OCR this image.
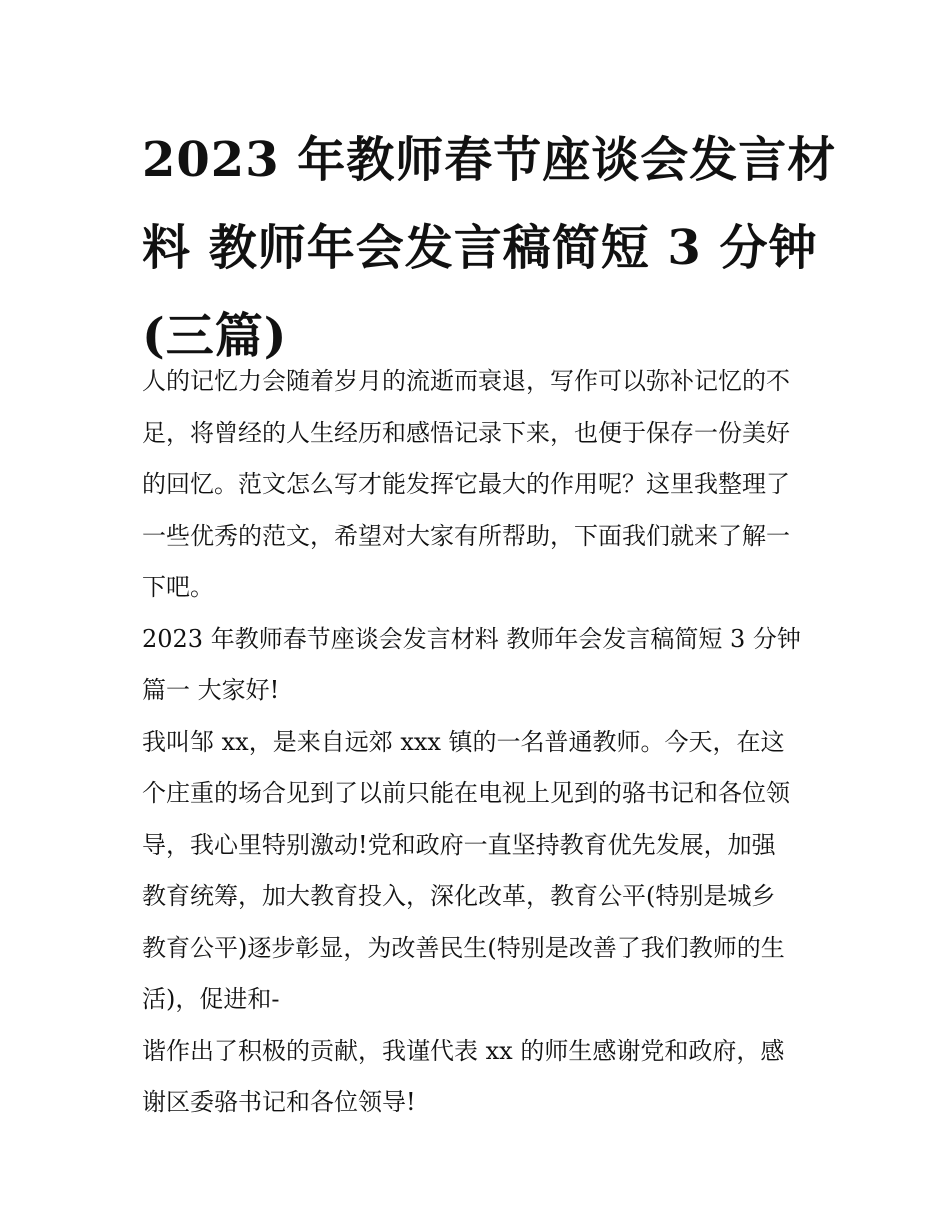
2023 年教师春节座谈会发言材
料 教师年会发言稿简短 3 分钟
(三篇)
人的记忆力会随着岁月的流逝而衰退，写作可以弥补记忆的不
足，将曾经的人生经历和感悟记录下来，也便于保存一份美好
的回忆。范文怎么写才能发挥它最大的作用呢？这里我整理了
一些优秀的范文，希望对大家有所帮助，下面我们就来了解一
下吧。
2023 年教师春节座谈会发言材料 教师年会发言稿简短 3 分钟
篇一 大家好!
我叫邹 xx，是来自远郊 xxx 镇的一名普通教师。今天，在这
个庄重的场合见到了以前只能在电视上见到的骆书记和各位领
导，我心里特别激动!党和政府一直坚持教育优先发展，加强
教育统筹，加大教育投入，深化改革，教育公平(特别是城乡
教育公平)逐步彰显，为改善民生(特别是改善了我们教师的生
活)，促进和-
谐作出了积极的贡献，我谨代表 xx 的师生感谢党和政府，感
谢区委骆书记和各位领导!
